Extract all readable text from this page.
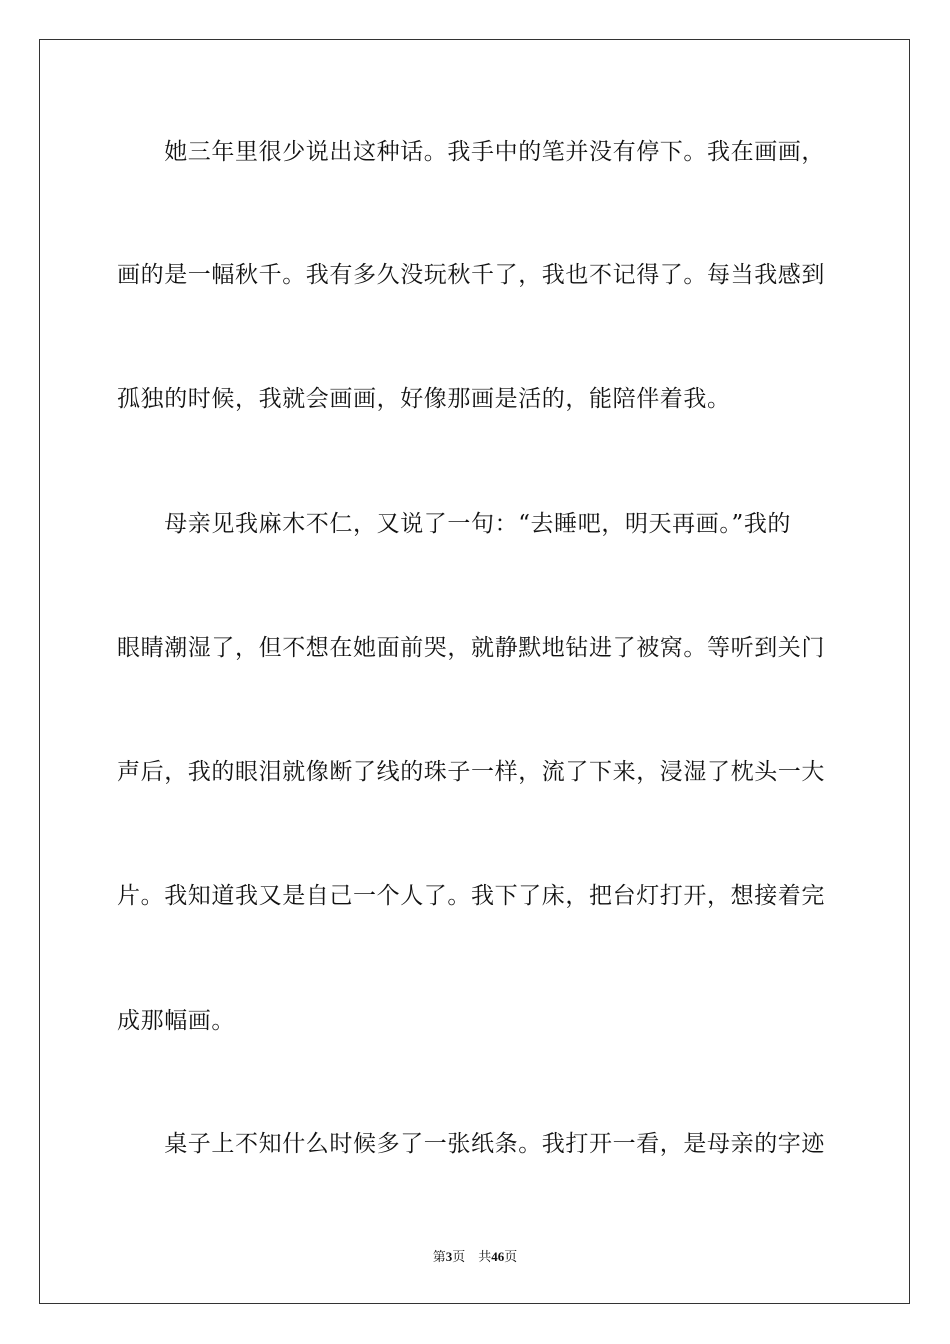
　　她三年里很少说出这种话。我手中的笔并没有停下。我在画画，
画的是一幅秋千。我有多久没玩秋千了，我也不记得了。每当我感到
孤独的时候，我就会画画，好像那画是活的，能陪伴着我。
　　母亲见我麻木不仁，又说了一句：“去睡吧，明天再画。”我的
眼睛潮湿了，但不想在她面前哭，就静默地钻进了被窝。等听到关门
声后，我的眼泪就像断了线的珠子一样，流了下来，浸湿了枕头一大
片。我知道我又是自己一个人了。我下了床，把台灯打开，想接着完
成那幅画。
　　桌子上不知什么时候多了一张纸条。我打开一看，是母亲的字迹
第3页 共46页
